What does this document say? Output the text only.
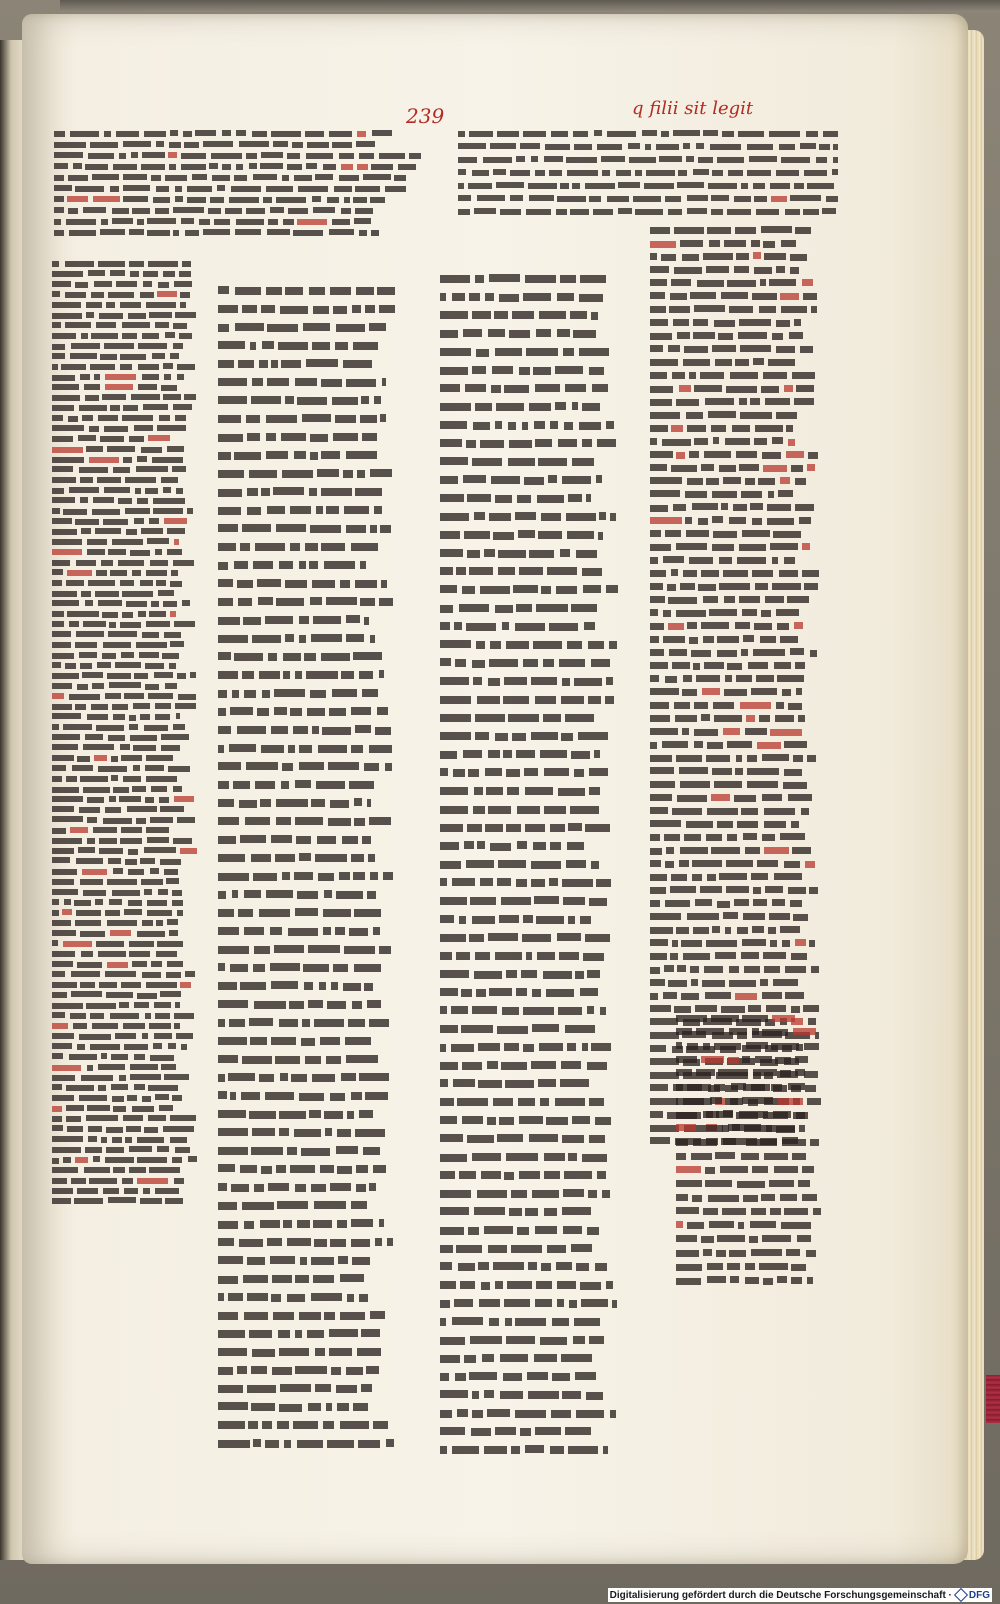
239	q filii sit legit
Digitalisierung gefördert durch die Deutsche Forschungsgemeinschaft · DFG
